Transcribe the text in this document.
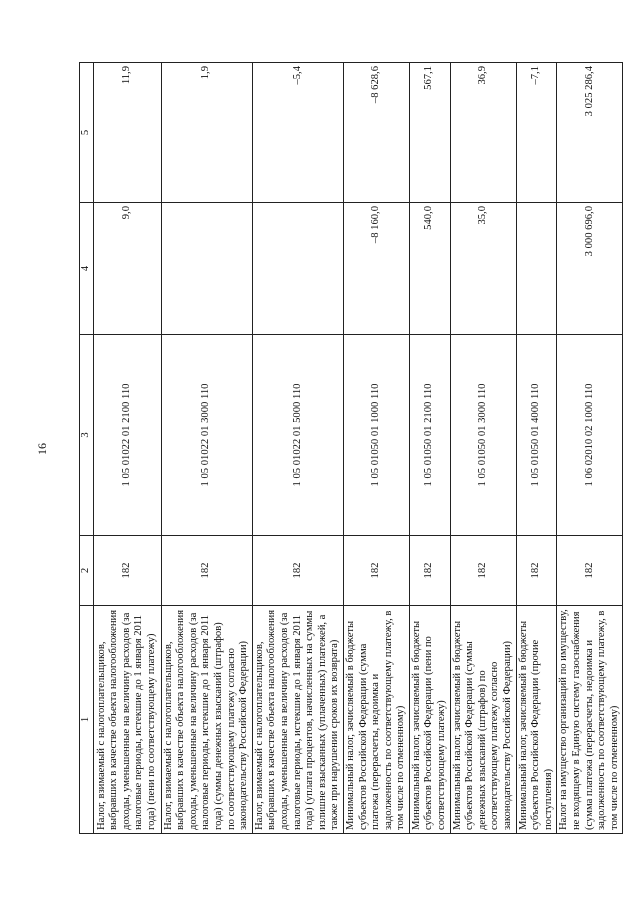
16
1	2	3	4	5
Налог, взимаемый с налогоплательщиков, выбравших в качестве объекта налогообложения доходы, уменьшенные на величину расходов (за налоговые периоды, истекшие до 1 января 2011 года) (пени по соответствующему платежу)	182	1 05 01022 01 2100 110	9,0	11,9
Налог, взимаемый с налогоплательщиков, выбравших в качестве объекта налогообложения доходы, уменьшенные на величину расходов (за налоговые периоды, истекшие до 1 января 2011 года) (суммы денежных взысканий (штрафов) по соответствующему платежу согласно законодательству Российской Федерации)	182	1 05 01022 01 3000 110		1,9
Налог, взимаемый с налогоплательщиков, выбравших в качестве объекта налогообложения доходы, уменьшенные на величину расходов (за налоговые периоды, истекшие до 1 января 2011 года) (уплата процентов, начисленных на суммы излишне взысканных (уплаченных) платежей, а также при нарушении сроков их возврата)	182	1 05 01022 01 5000 110		–5,4
Минимальный налог, зачисляемый в бюджеты субъектов Российской Федерации (сумма платежа (перерасчеты, недоимка и задолженность по соответствующему платежу, в том числе по отмененному)	182	1 05 01050 01 1000 110	–8 160,0	–8 628,6
Минимальный налог, зачисляемый в бюджеты субъектов Российской Федерации (пени по соответствующему платежу)	182	1 05 01050 01 2100 110	540,0	567,1
Минимальный налог, зачисляемый в бюджеты субъектов Российской Федерации (суммы денежных взысканий (штрафов) по соответствующему платежу согласно законодательству Российской Федерации)	182	1 05 01050 01 3000 110	35,0	36,9
Минимальный налог, зачисляемый в бюджеты субъектов Российской Федерации (прочие поступления)	182	1 05 01050 01 4000 110		–7,1
Налог на имущество организаций по имуществу, не входящему в Единую систему газоснабжения (сумма платежа (перерасчеты, недоимка и задолженность по соответствующему платежу, в том числе по отмененному)	182	1 06 02010 02 1000 110	3 000 696,0	3 025 286,4
